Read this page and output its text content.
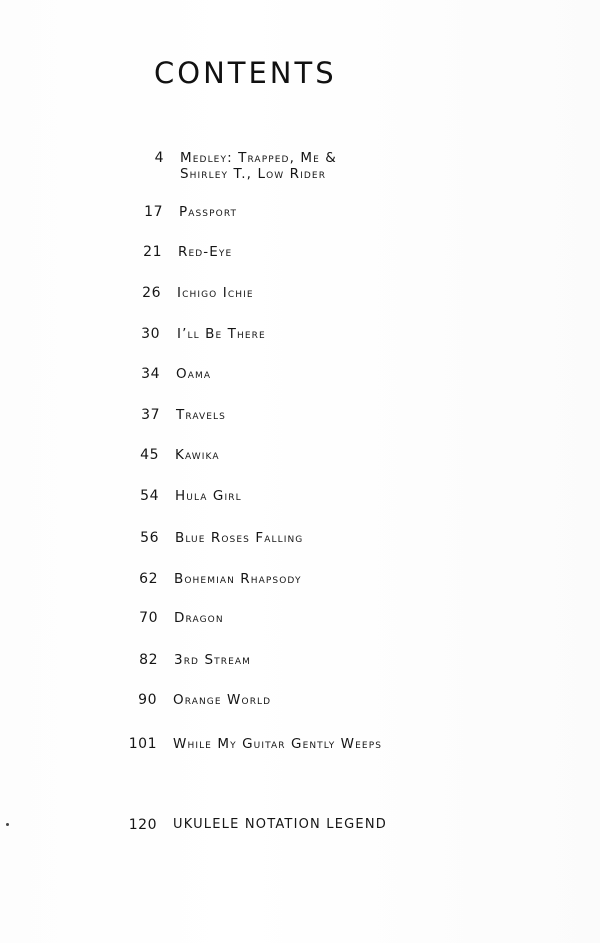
CONTENTS
4 Medley: Trapped, Me &
Shirley T., Low Rider
17 Passport
21 Red-Eye
26 Ichigo Ichie
30 I’ll Be There
34 Oama
37 Travels
45 Kawika
54 Hula Girl
56 Blue Roses Falling
62 Bohemian Rhapsody
70 Dragon
82 3rd Stream
90 Orange World
101 While My Guitar Gently Weeps
120 UKULELE NOTATION LEGEND
